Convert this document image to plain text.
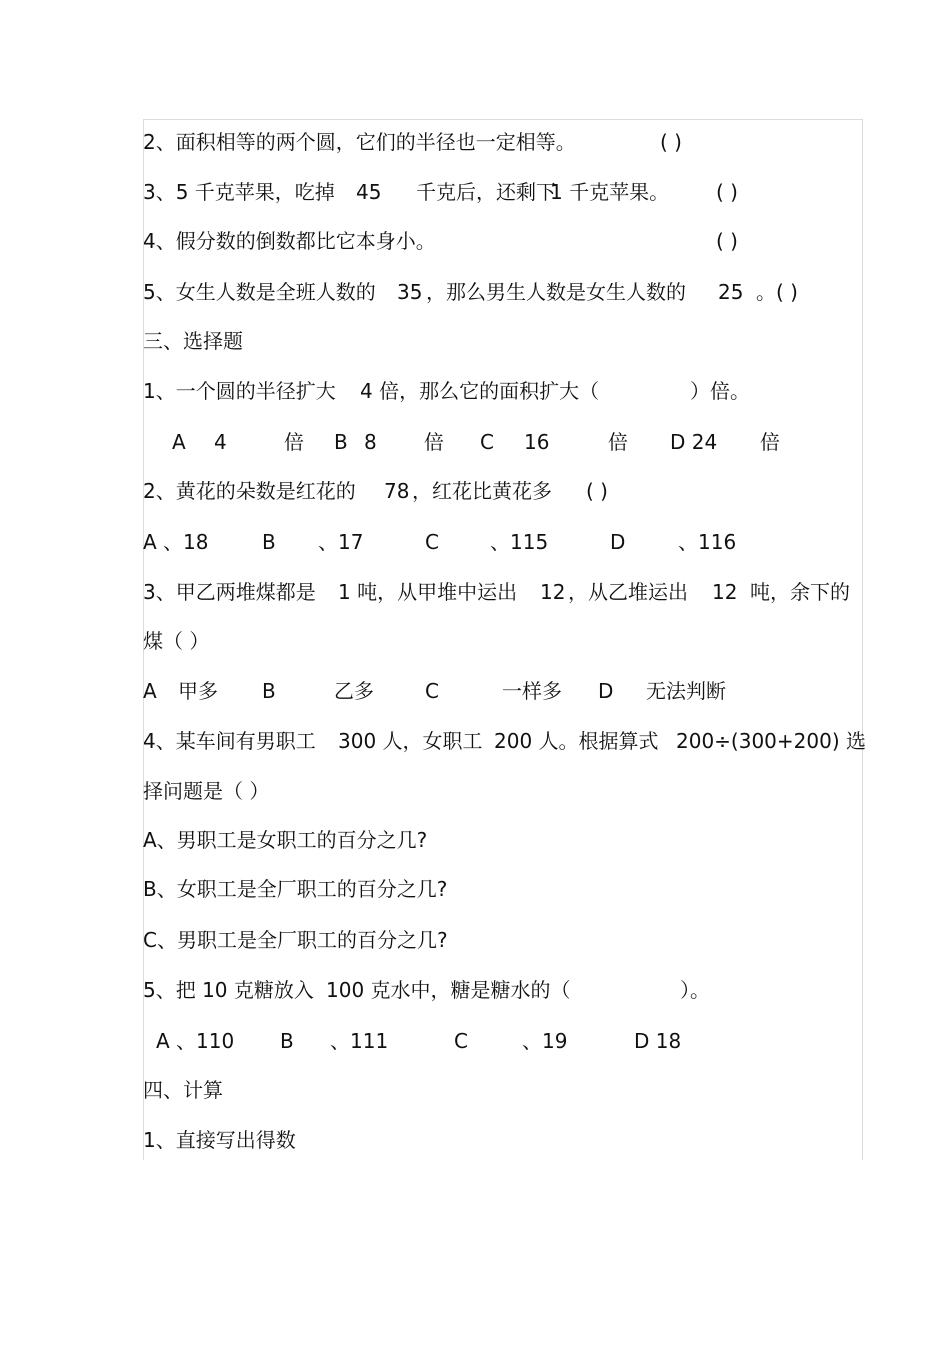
2、面积相等的两个圆，它们的半径也一定相等。	( )
3、5 千克苹果，吃掉 45 千克后，还剩下
1 千克苹果。 ( )
4、假分数的倒数都比它本身小。	( )
5、女生人数是全班人数的 35 ，那么男生人数是女生人数的 25 。( )
三、选择题
1、一个圆的半径扩大 4 倍，那么它的面积扩大（	）倍。
A 4	倍 B 8 倍 C 16	倍 D 24 倍
2、黄花的朵数是红花的 78 ，红花比黄花多 ( )
A 、18	B 、17	C	、115	D	、116
3、甲乙两堆煤都是 1 吨，从甲堆中运出 12 ，从乙堆运出 12 吨，余下的
煤（ ）
A 甲多 B	乙多	C	一样多 D 无法判断
4、某车间有男职工 300 人，女职工 200 人。根据算式 200÷(300+200) 选
择问题是（ ）
A、男职工是女职工的百分之几?
B、女职工是全厂职工的百分之几?
C、男职工是全厂职工的百分之几?
5、把 10 克糖放入 100 克水中，糖是糖水的（	）。
A 、110 B 、111	C	、19	D 18
四、计算
1、直接写出得数
